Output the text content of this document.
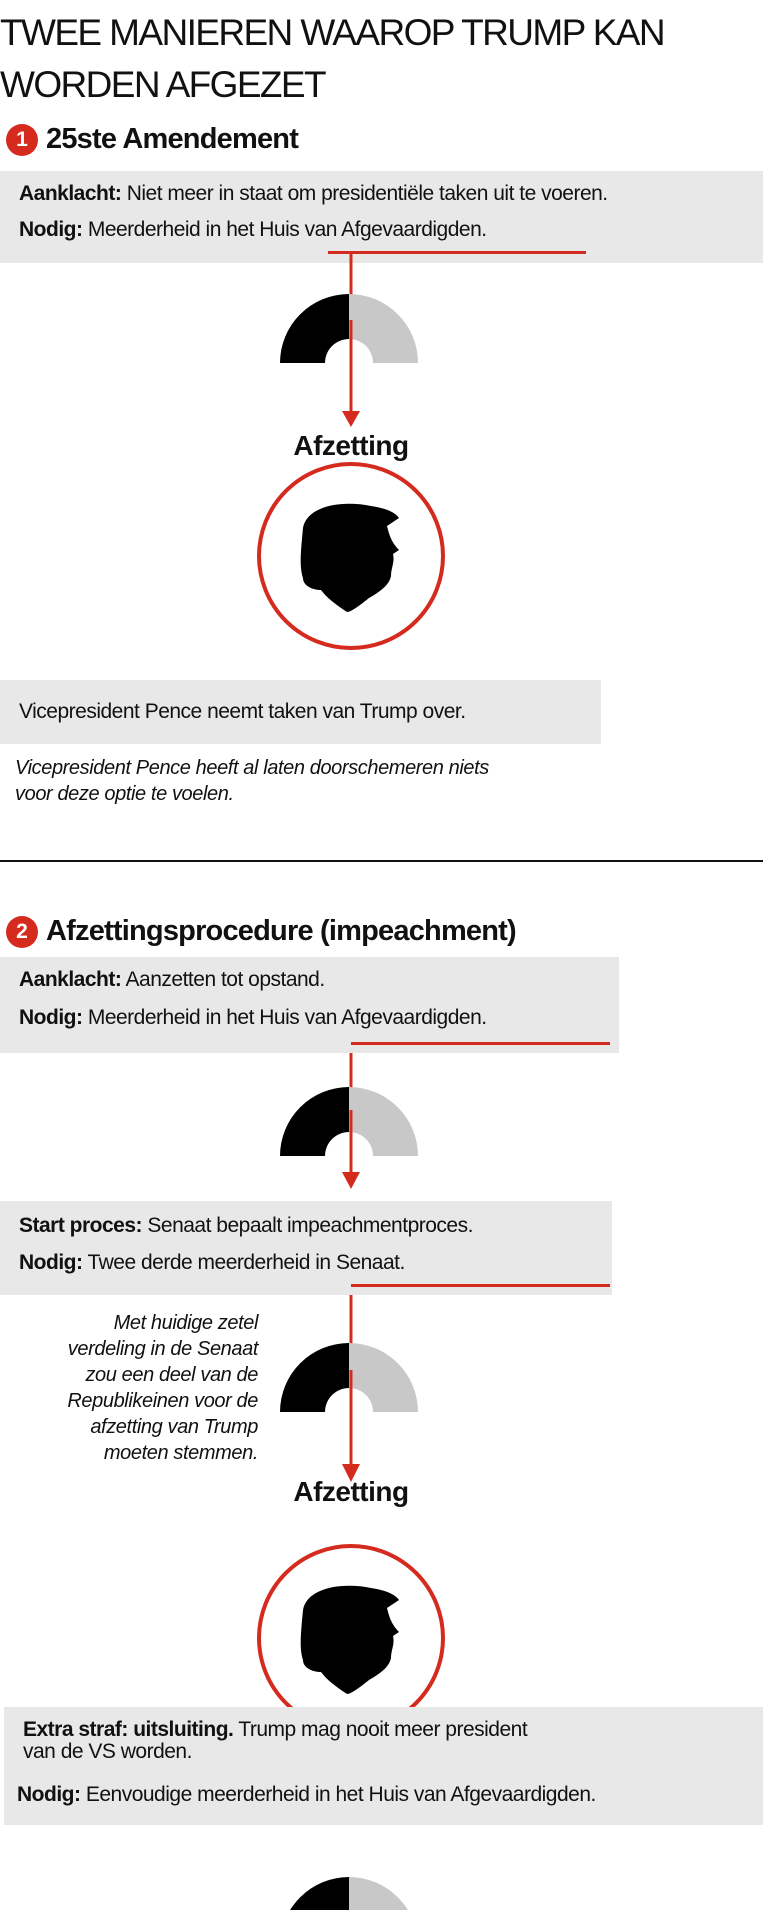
TWEE MANIEREN WAAROP TRUMP KAN
WORDEN AFGEZET
1 25ste Amendement
Aanklacht: Niet meer in staat om presidentiële taken uit te voeren.
Nodig: Meerderheid in het Huis van Afgevaardigden.
Afzetting
Vicepresident Pence neemt taken van Trump over.
Vicepresident Pence heeft al laten doorschemeren niets
voor deze optie te voelen.
2 Afzettingsprocedure (impeachment)
Aanklacht: Aanzetten tot opstand.
Nodig: Meerderheid in het Huis van Afgevaardigden.
Start proces: Senaat bepaalt impeachmentproces.
Nodig: Twee derde meerderheid in Senaat.
Met huidige zetel
verdeling in de Senaat
zou een deel van de
Republikeinen voor de
afzetting van Trump
moeten stemmen.
Afzetting
Extra straf: uitsluiting. Trump mag nooit meer president
van de VS worden.
Nodig: Eenvoudige meerderheid in het Huis van Afgevaardigden.
